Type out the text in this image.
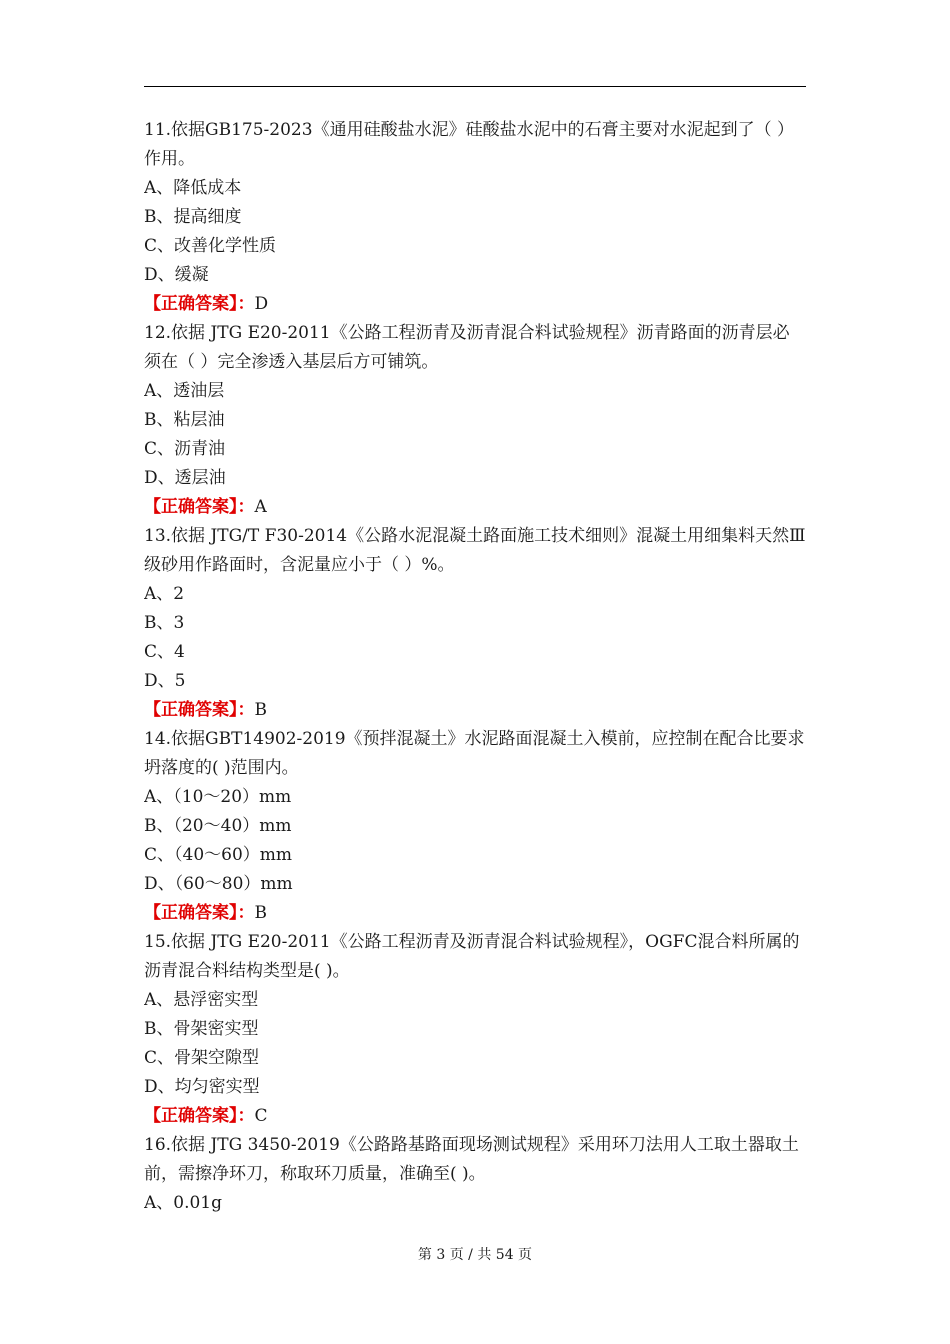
11.依据GB175-2023《通用硅酸盐水泥》硅酸盐水泥中的石膏主要对水泥起到了（ ）作用。

A、降低成本

B、提高细度

C、改善化学性质

D、缓凝

【正确答案】：D

12.依据 JTG E20-2011《公路工程沥青及沥青混合料试验规程》沥青路面的沥青层必须在（ ）完全渗透入基层后方可铺筑。

A、透油层

B、粘层油

C、沥青油

D、透层油

【正确答案】：A

13.依据 JTG/T F30-2014《公路水泥混凝土路面施工技术细则》混凝土用细集料天然Ⅲ级砂用作路面时，含泥量应小于（ ）%。

A、2

B、3

C、4

D、5

【正确答案】：B

14.依据GBT14902-2019《预拌混凝土》水泥路面混凝土入模前，应控制在配合比要求坍落度的( )范围内。

A、（10～20）mm

B、（20～40）mm

C、（40～60）mm

D、（60～80）mm

【正确答案】：B

15.依据 JTG E20-2011《公路工程沥青及沥青混合料试验规程》，OGFC混合料所属的沥青混合料结构类型是( )。

A、悬浮密实型

B、骨架密实型

C、骨架空隙型

D、均匀密实型

【正确答案】：C

16.依据 JTG 3450-2019《公路路基路面现场测试规程》采用环刀法用人工取土器取土前，需擦净环刀，称取环刀质量，准确至( )。

A、0.01g

第 3 页 / 共 54 页
